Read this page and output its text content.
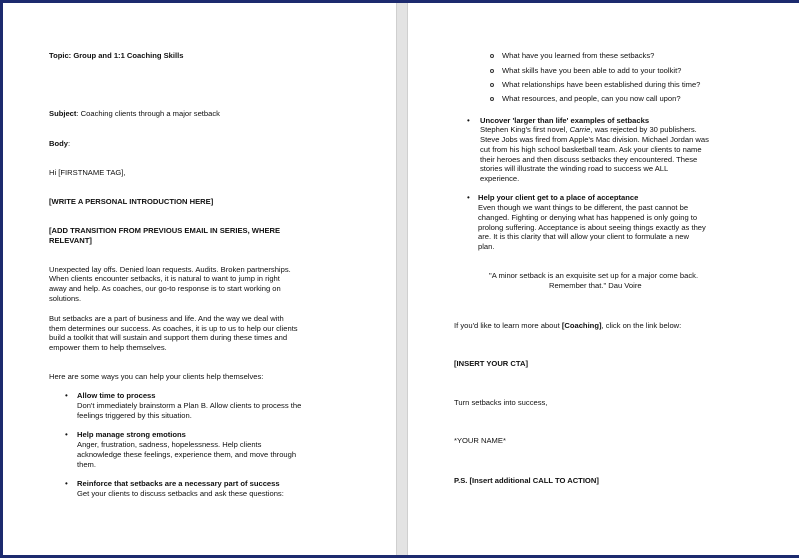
Topic: Group and 1:1 Coaching Skills
Subject: Coaching clients through a major setback
Body:
Hi [FIRSTNAME TAG],
[WRITE A PERSONAL INTRODUCTION HERE]
[ADD TRANSITION FROM PREVIOUS EMAIL IN SERIES, WHERE
RELEVANT]
Unexpected lay offs. Denied loan requests. Audits. Broken partnerships.
When clients encounter setbacks, it is natural to want to jump in right
away and help. As coaches, our go-to response is to start working on
solutions.
But setbacks are a part of business and life. And the way we deal with
them determines our success. As coaches, it is up to us to help our clients
build a toolkit that will sustain and support them during these times and
empower them to help themselves.
Here are some ways you can help your clients help themselves:
• Allow time to process
Don't immediately brainstorm a Plan B. Allow clients to process the
feelings triggered by this situation.
• Help manage strong emotions
Anger, frustration, sadness, hopelessness. Help clients
acknowledge these feelings, experience them, and move through
them.
• Reinforce that setbacks are a necessary part of success
Get your clients to discuss setbacks and ask these questions:
What have you learned from these setbacks?
What skills have you been able to add to your toolkit?
What relationships have been established during this time?
What resources, and people, can you now call upon?
• Uncover 'larger than life' examples of setbacks
Stephen King's first novel, Carrie, was rejected by 30 publishers.
Steve Jobs was fired from Apple's Mac division. Michael Jordan was
cut from his high school basketball team. Ask your clients to name
their heroes and then discuss setbacks they encountered. These
stories will illustrate the winding road to success we ALL
experience.
• Help your client get to a place of acceptance
Even though we want things to be different, the past cannot be
changed. Fighting or denying what has happened is only going to
prolong suffering. Acceptance is about seeing things exactly as they
are. It is this clarity that will allow your client to formulate a new
plan.
"A minor setback is an exquisite set up for a major come back.
Remember that." Dau Voire
If you'd like to learn more about [Coaching], click on the link below:
[INSERT YOUR CTA]
Turn setbacks into success,
*YOUR NAME*
P.S. [Insert additional CALL TO ACTION]
